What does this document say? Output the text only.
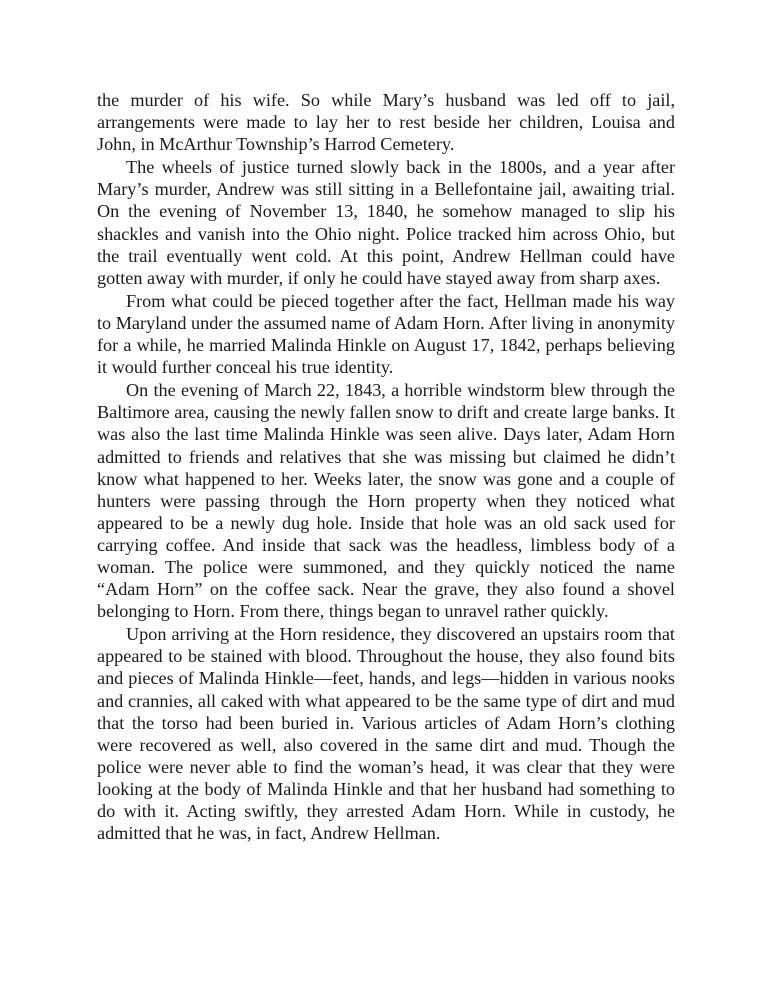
the murder of his wife. So while Mary’s husband was led off to jail, arrangements were made to lay her to rest beside her children, Louisa and John, in McArthur Township’s Harrod Cemetery.

The wheels of justice turned slowly back in the 1800s, and a year after Mary’s murder, Andrew was still sitting in a Bellefontaine jail, awaiting trial. On the evening of November 13, 1840, he somehow managed to slip his shackles and vanish into the Ohio night. Police tracked him across Ohio, but the trail eventually went cold. At this point, Andrew Hellman could have gotten away with murder, if only he could have stayed away from sharp axes.

From what could be pieced together after the fact, Hellman made his way to Maryland under the assumed name of Adam Horn. After living in anonymity for a while, he married Malinda Hinkle on August 17, 1842, perhaps believing it would further conceal his true identity.

On the evening of March 22, 1843, a horrible windstorm blew through the Baltimore area, causing the newly fallen snow to drift and create large banks. It was also the last time Malinda Hinkle was seen alive. Days later, Adam Horn admitted to friends and relatives that she was missing but claimed he didn’t know what happened to her. Weeks later, the snow was gone and a couple of hunters were passing through the Horn property when they noticed what appeared to be a newly dug hole. Inside that hole was an old sack used for carrying coffee. And inside that sack was the headless, limbless body of a woman. The police were summoned, and they quickly noticed the name “Adam Horn” on the coffee sack. Near the grave, they also found a shovel belonging to Horn. From there, things began to unravel rather quickly.

Upon arriving at the Horn residence, they discovered an upstairs room that appeared to be stained with blood. Throughout the house, they also found bits and pieces of Malinda Hinkle—feet, hands, and legs—hidden in various nooks and crannies, all caked with what appeared to be the same type of dirt and mud that the torso had been buried in. Various articles of Adam Horn’s clothing were recovered as well, also covered in the same dirt and mud. Though the police were never able to find the woman’s head, it was clear that they were looking at the body of Malinda Hinkle and that her husband had something to do with it. Acting swiftly, they arrested Adam Horn. While in custody, he admitted that he was, in fact, Andrew Hellman.
